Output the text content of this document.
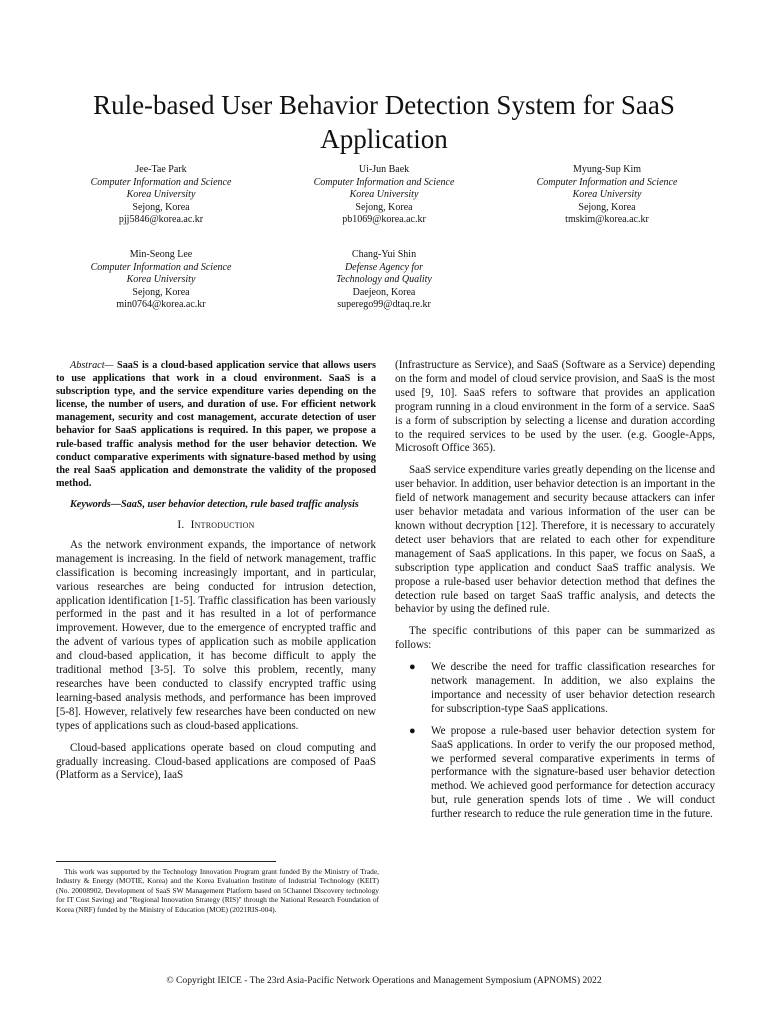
Rule-based User Behavior Detection System for SaaS Application
Jee-Tae Park
Computer Information and Science
Korea University
Sejong, Korea
pjj5846@korea.ac.kr
Ui-Jun Baek
Computer Information and Science
Korea University
Sejong, Korea
pb1069@korea.ac.kr
Myung-Sup Kim
Computer Information and Science
Korea University
Sejong, Korea
tmskim@korea.ac.kr
Min-Seong Lee
Computer Information and Science
Korea University
Sejong, Korea
min0764@korea.ac.kr
Chang-Yui Shin
Defense Agency for
Technology and Quality
Daejeon, Korea
superego99@dtaq.re.kr

Abstract— SaaS is a cloud-based application service that allows users to use applications that work in a cloud environment. SaaS is a subscription type, and the service expenditure varies depending on the license, the number of users, and duration of use. For efficient network management, security and cost management, accurate detection of user behavior for SaaS applications is required. In this paper, we propose a rule-based traffic analysis method for the user behavior detection. We conduct comparative experiments with signature-based method by using the real SaaS application and demonstrate the validity of the proposed method.

Keywords—SaaS, user behavior detection, rule based traffic analysis

I. Introduction

As the network environment expands, the importance of network management is increasing. In the field of network management, traffic classification is becoming increasingly important, and in particular, various researches are being conducted for intrusion detection, application identification [1-5]. Traffic classification has been variously performed in the past and it has resulted in a lot of performance improvement. However, due to the emergence of encrypted traffic and the advent of various types of application such as mobile application and cloud-based application, it has become difficult to apply the traditional method [3-5]. To solve this problem, recently, many researches have been conducted to classify encrypted traffic using learning-based analysis methods, and performance has been improved [5-8]. However, relatively few researches have been conducted on new types of applications such as cloud-based applications.

Cloud-based applications operate based on cloud computing and gradually increasing. Cloud-based applications are composed of PaaS (Platform as a Service), IaaS

(Infrastructure as Service), and SaaS (Software as a Service) depending on the form and model of cloud service provision, and SaaS is the most used [9, 10]. SaaS refers to software that provides an application program running in a cloud environment in the form of a service. SaaS is a form of subscription by selecting a license and duration according to the required services to be used by the user. (e.g. Google-Apps, Microsoft Office 365).

SaaS service expenditure varies greatly depending on the license and user behavior. In addition, user behavior detection is an important in the field of network management and security because attackers can infer user behavior metadata and various information of the user can be known without decryption [12]. Therefore, it is necessary to accurately detect user behaviors that are related to each other for expenditure management of SaaS applications. In this paper, we focus on SaaS, a subscription type application and conduct SaaS traffic analysis. We propose a rule-based user behavior detection method that defines the detection rule based on target SaaS traffic analysis, and detects the behavior by using the defined rule.

The specific contributions of this paper can be summarized as follows:

● We describe the need for traffic classification researches for network management. In addition, we also explains the importance and necessity of user behavior detection research for subscription-type SaaS applications.
● We propose a rule-based user behavior detection system for SaaS applications. In order to verify the our proposed method, we performed several comparative experiments in terms of performance with the signature-based user behavior detection method. We achieved good performance for detection accuracy but, rule generation spends lots of time . We will conduct further research to reduce the rule generation time in the future.
This work was supported by the Technology Innovation Program grant funded By the Ministry of Trade, Industry & Energy (MOTIE, Korea) and the Korea Evaluation Institute of Industrial Technology (KEIT) (No. 20008902, Development of SaaS SW Management Platform based on 5Channel Discovery technology for IT Cost Saving) and "Regional Innovation Strategy (RIS)" through the National Research Foundation of Korea (NRF) funded by the Ministry of Education (MOE) (2021RIS-004).
© Copyright IEICE - The 23rd Asia-Pacific Network Operations and Management Symposium (APNOMS) 2022
